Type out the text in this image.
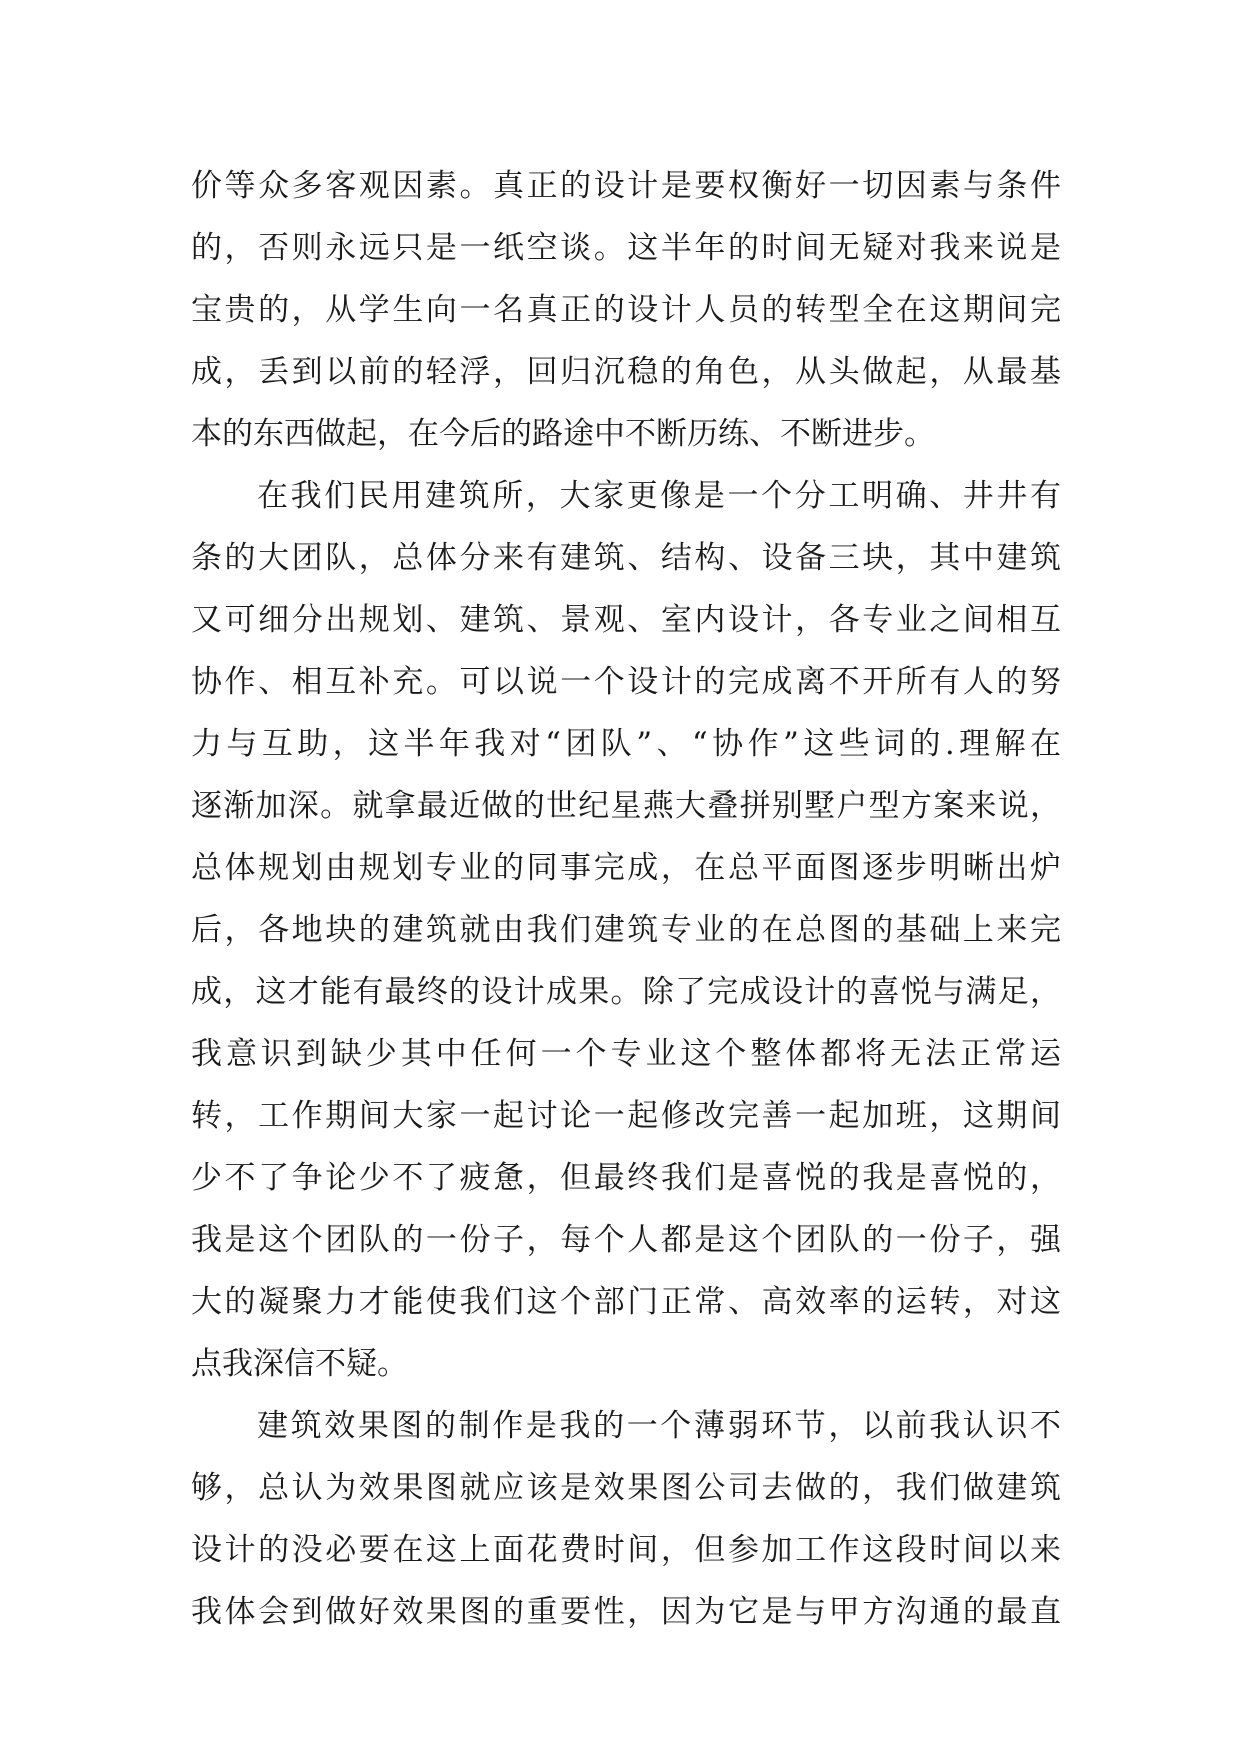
价等众多客观因素。真正的设计是要权衡好一切因素与条件
的，否则永远只是一纸空谈。这半年的时间无疑对我来说是
宝贵的，从学生向一名真正的设计人员的转型全在这期间完
成，丢到以前的轻浮，回归沉稳的角色，从头做起，从最基
本的东西做起，在今后的路途中不断历练、不断进步。
在我们民用建筑所，大家更像是一个分工明确、井井有
条的大团队，总体分来有建筑、结构、设备三块，其中建筑
又可细分出规划、建筑、景观、室内设计，各专业之间相互
协作、相互补充。可以说一个设计的完成离不开所有人的努
力与互助，这半年我对“团队”、“协作”这些词的.理解在
逐渐加深。就拿最近做的世纪星燕大叠拼别墅户型方案来说，
总体规划由规划专业的同事完成，在总平面图逐步明晰出炉
后，各地块的建筑就由我们建筑专业的在总图的基础上来完
成，这才能有最终的设计成果。除了完成设计的喜悦与满足，
我意识到缺少其中任何一个专业这个整体都将无法正常运
转，工作期间大家一起讨论一起修改完善一起加班，这期间
少不了争论少不了疲惫，但最终我们是喜悦的我是喜悦的，
我是这个团队的一份子，每个人都是这个团队的一份子，强
大的凝聚力才能使我们这个部门正常、高效率的运转，对这
点我深信不疑。
建筑效果图的制作是我的一个薄弱环节，以前我认识不
够，总认为效果图就应该是效果图公司去做的，我们做建筑
设计的没必要在这上面花费时间，但参加工作这段时间以来
我体会到做好效果图的重要性，因为它是与甲方沟通的最直
